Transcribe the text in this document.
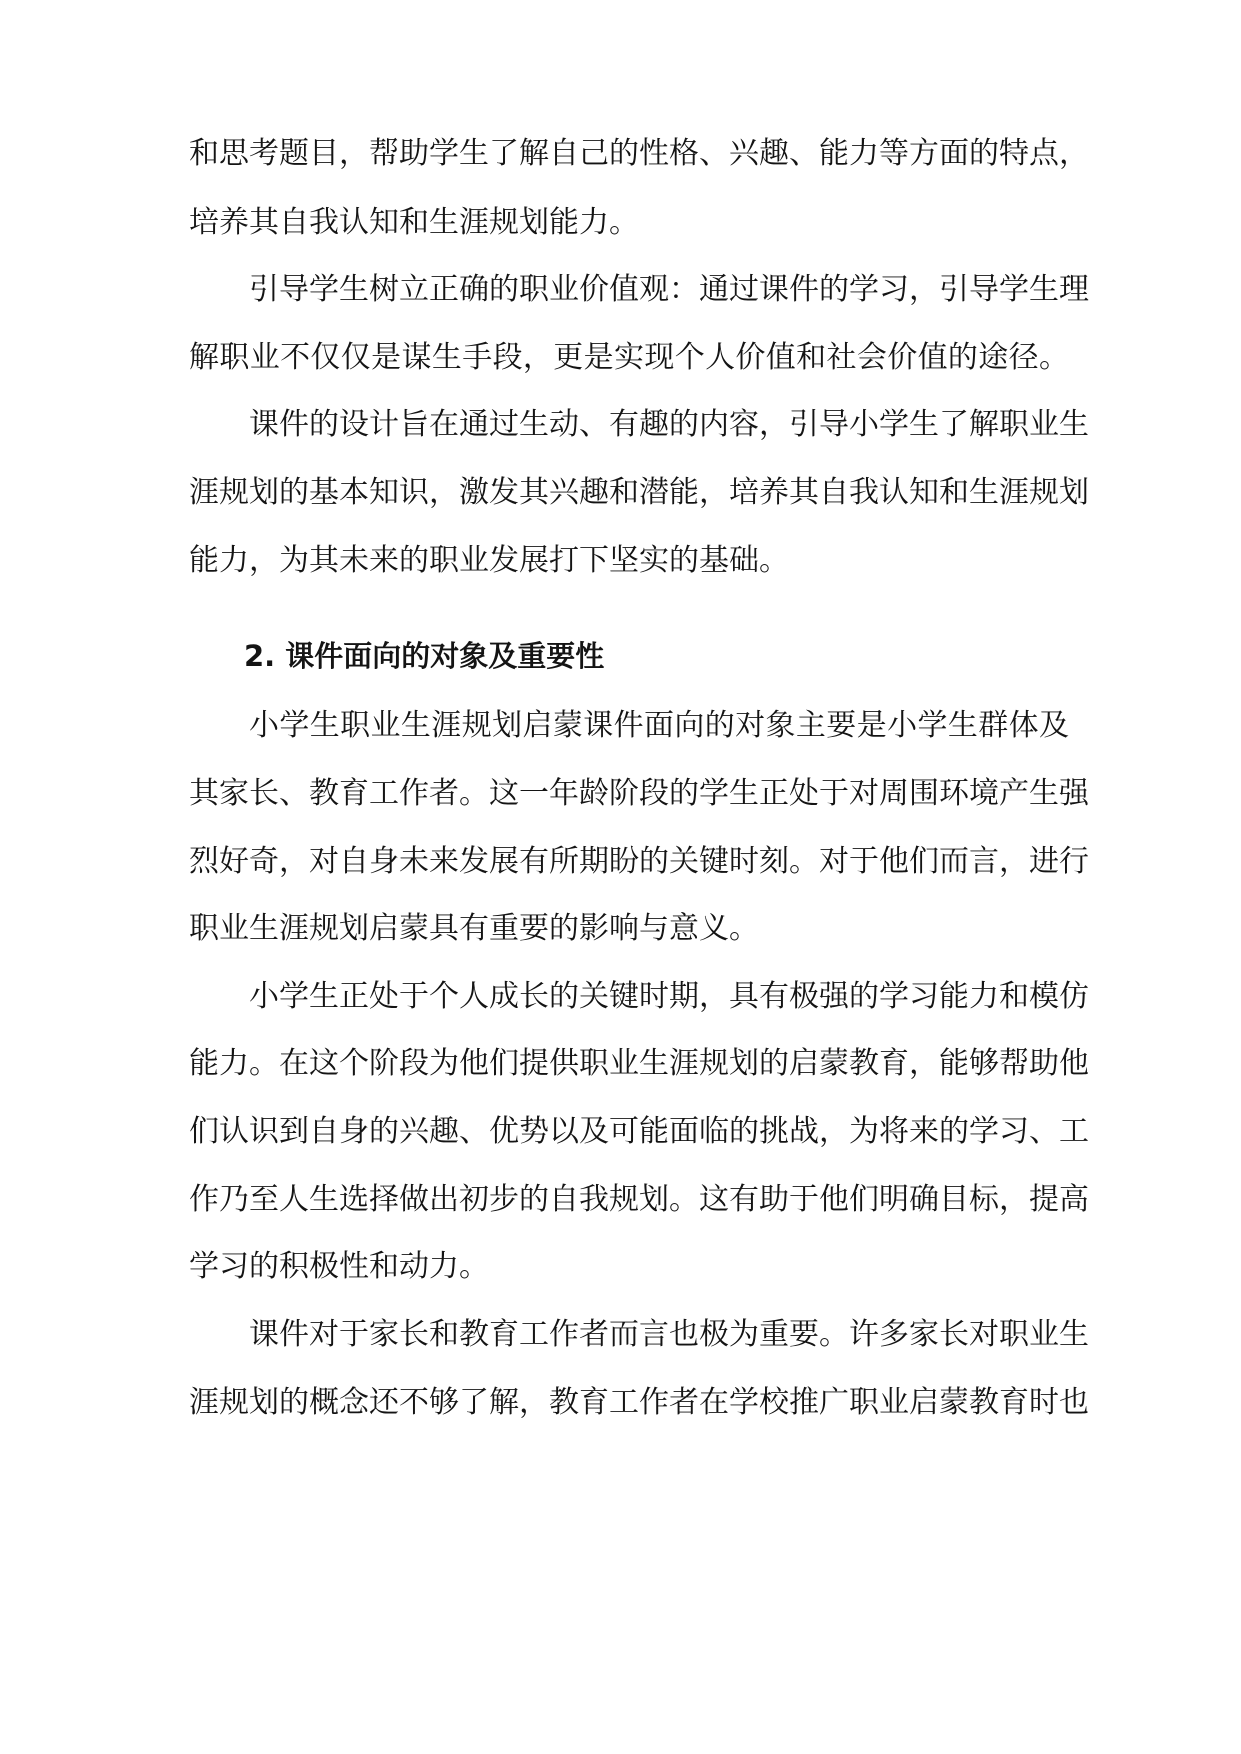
和思考题目，帮助学生了解自己的性格、兴趣、能力等方面的特点，
培养其自我认知和生涯规划能力。
引导学生树立正确的职业价值观：通过课件的学习，引导学生理
解职业不仅仅是谋生手段，更是实现个人价值和社会价值的途径。
课件的设计旨在通过生动、有趣的内容，引导小学生了解职业生
涯规划的基本知识，激发其兴趣和潜能，培养其自我认知和生涯规划
能力，为其未来的职业发展打下坚实的基础。
2. 课件面向的对象及重要性
小学生职业生涯规划启蒙课件面向的对象主要是小学生群体及
其家长、教育工作者。这一年龄阶段的学生正处于对周围环境产生强
烈好奇，对自身未来发展有所期盼的关键时刻。对于他们而言，进行
职业生涯规划启蒙具有重要的影响与意义。
小学生正处于个人成长的关键时期，具有极强的学习能力和模仿
能力。在这个阶段为他们提供职业生涯规划的启蒙教育，能够帮助他
们认识到自身的兴趣、优势以及可能面临的挑战，为将来的学习、工
作乃至人生选择做出初步的自我规划。这有助于他们明确目标，提高
学习的积极性和动力。
课件对于家长和教育工作者而言也极为重要。许多家长对职业生
涯规划的概念还不够了解，教育工作者在学校推广职业启蒙教育时也
